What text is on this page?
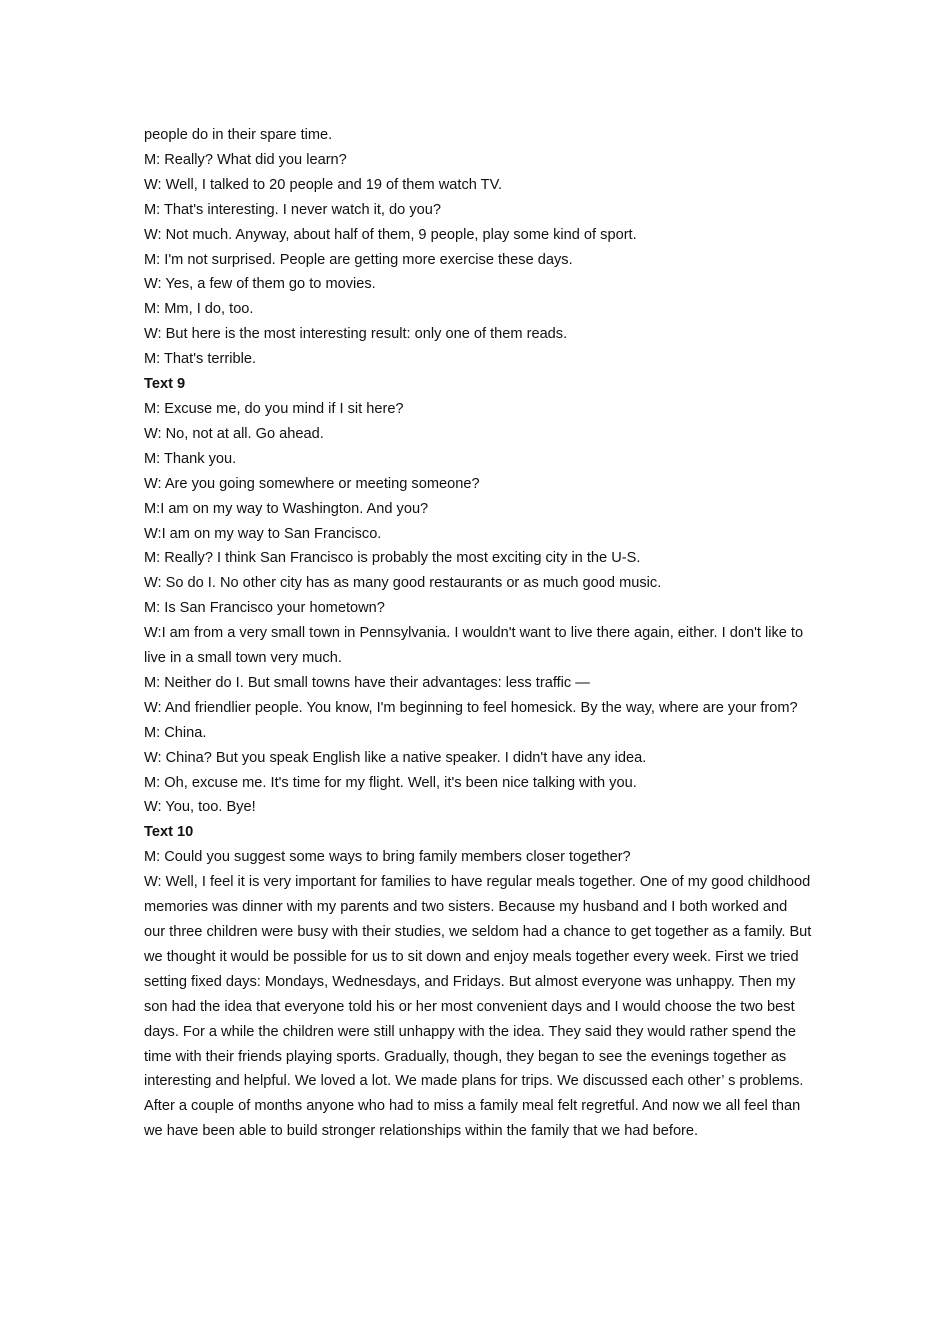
people do in their spare time.

M: Really? What did you learn?

W: Well, I talked to 20 people and 19 of them watch TV.

M: That's interesting. I never watch it, do you?

W: Not much. Anyway, about half of them, 9 people, play some kind of sport.

M: I'm not surprised. People are getting more exercise these days.

W: Yes, a few of them go to movies.

M: Mm, I do, too.

W: But here is the most interesting result: only one of them reads.

M: That's terrible.

Text 9

M: Excuse me, do you mind if I sit here?

W: No, not at all. Go ahead.

M: Thank you.

W: Are you going somewhere or meeting someone?

M:I am on my way to Washington. And you?

W:I am on my way to San Francisco.

M: Really? I think San Francisco is probably the most exciting city in the U-S.

W: So do I. No other city has as many good restaurants or as much good music.

M: Is San Francisco your hometown?

W:I am from a very small town in Pennsylvania. I wouldn't want to live there again, either. I don't like to live in a small town very much.

M: Neither do I. But small towns have their advantages: less traffic —

W: And friendlier people. You know, I'm beginning to feel homesick. By the way, where are your from?

M: China.

W: China? But you speak English like a native speaker. I didn't have any idea.

M: Oh, excuse me. It's time for my flight. Well, it's been nice talking with you.

W: You, too. Bye!

Text 10

M: Could you suggest some ways to bring family members closer together?

W: Well, I feel it is very important for families to have regular meals together. One of my good childhood memories was dinner with my parents and two sisters. Because my husband and I both worked and our three children were busy with their studies, we seldom had a chance to get together as a family. But we thought it would be possible for us to sit down and enjoy meals together every week. First we tried setting fixed days: Mondays, Wednesdays, and Fridays. But almost everyone was unhappy. Then my son had the idea that everyone told his or her most convenient days and I would choose the two best days. For a while the children were still unhappy with the idea. They said they would rather spend the time with their friends playing sports. Gradually, though, they began to see the evenings together as interesting and helpful. We loved a lot. We made plans for trips. We discussed each other’ s problems. After a couple of months anyone who had to miss a family meal felt regretful. And now we all feel than we have been able to build stronger relationships within the family that we had before.
